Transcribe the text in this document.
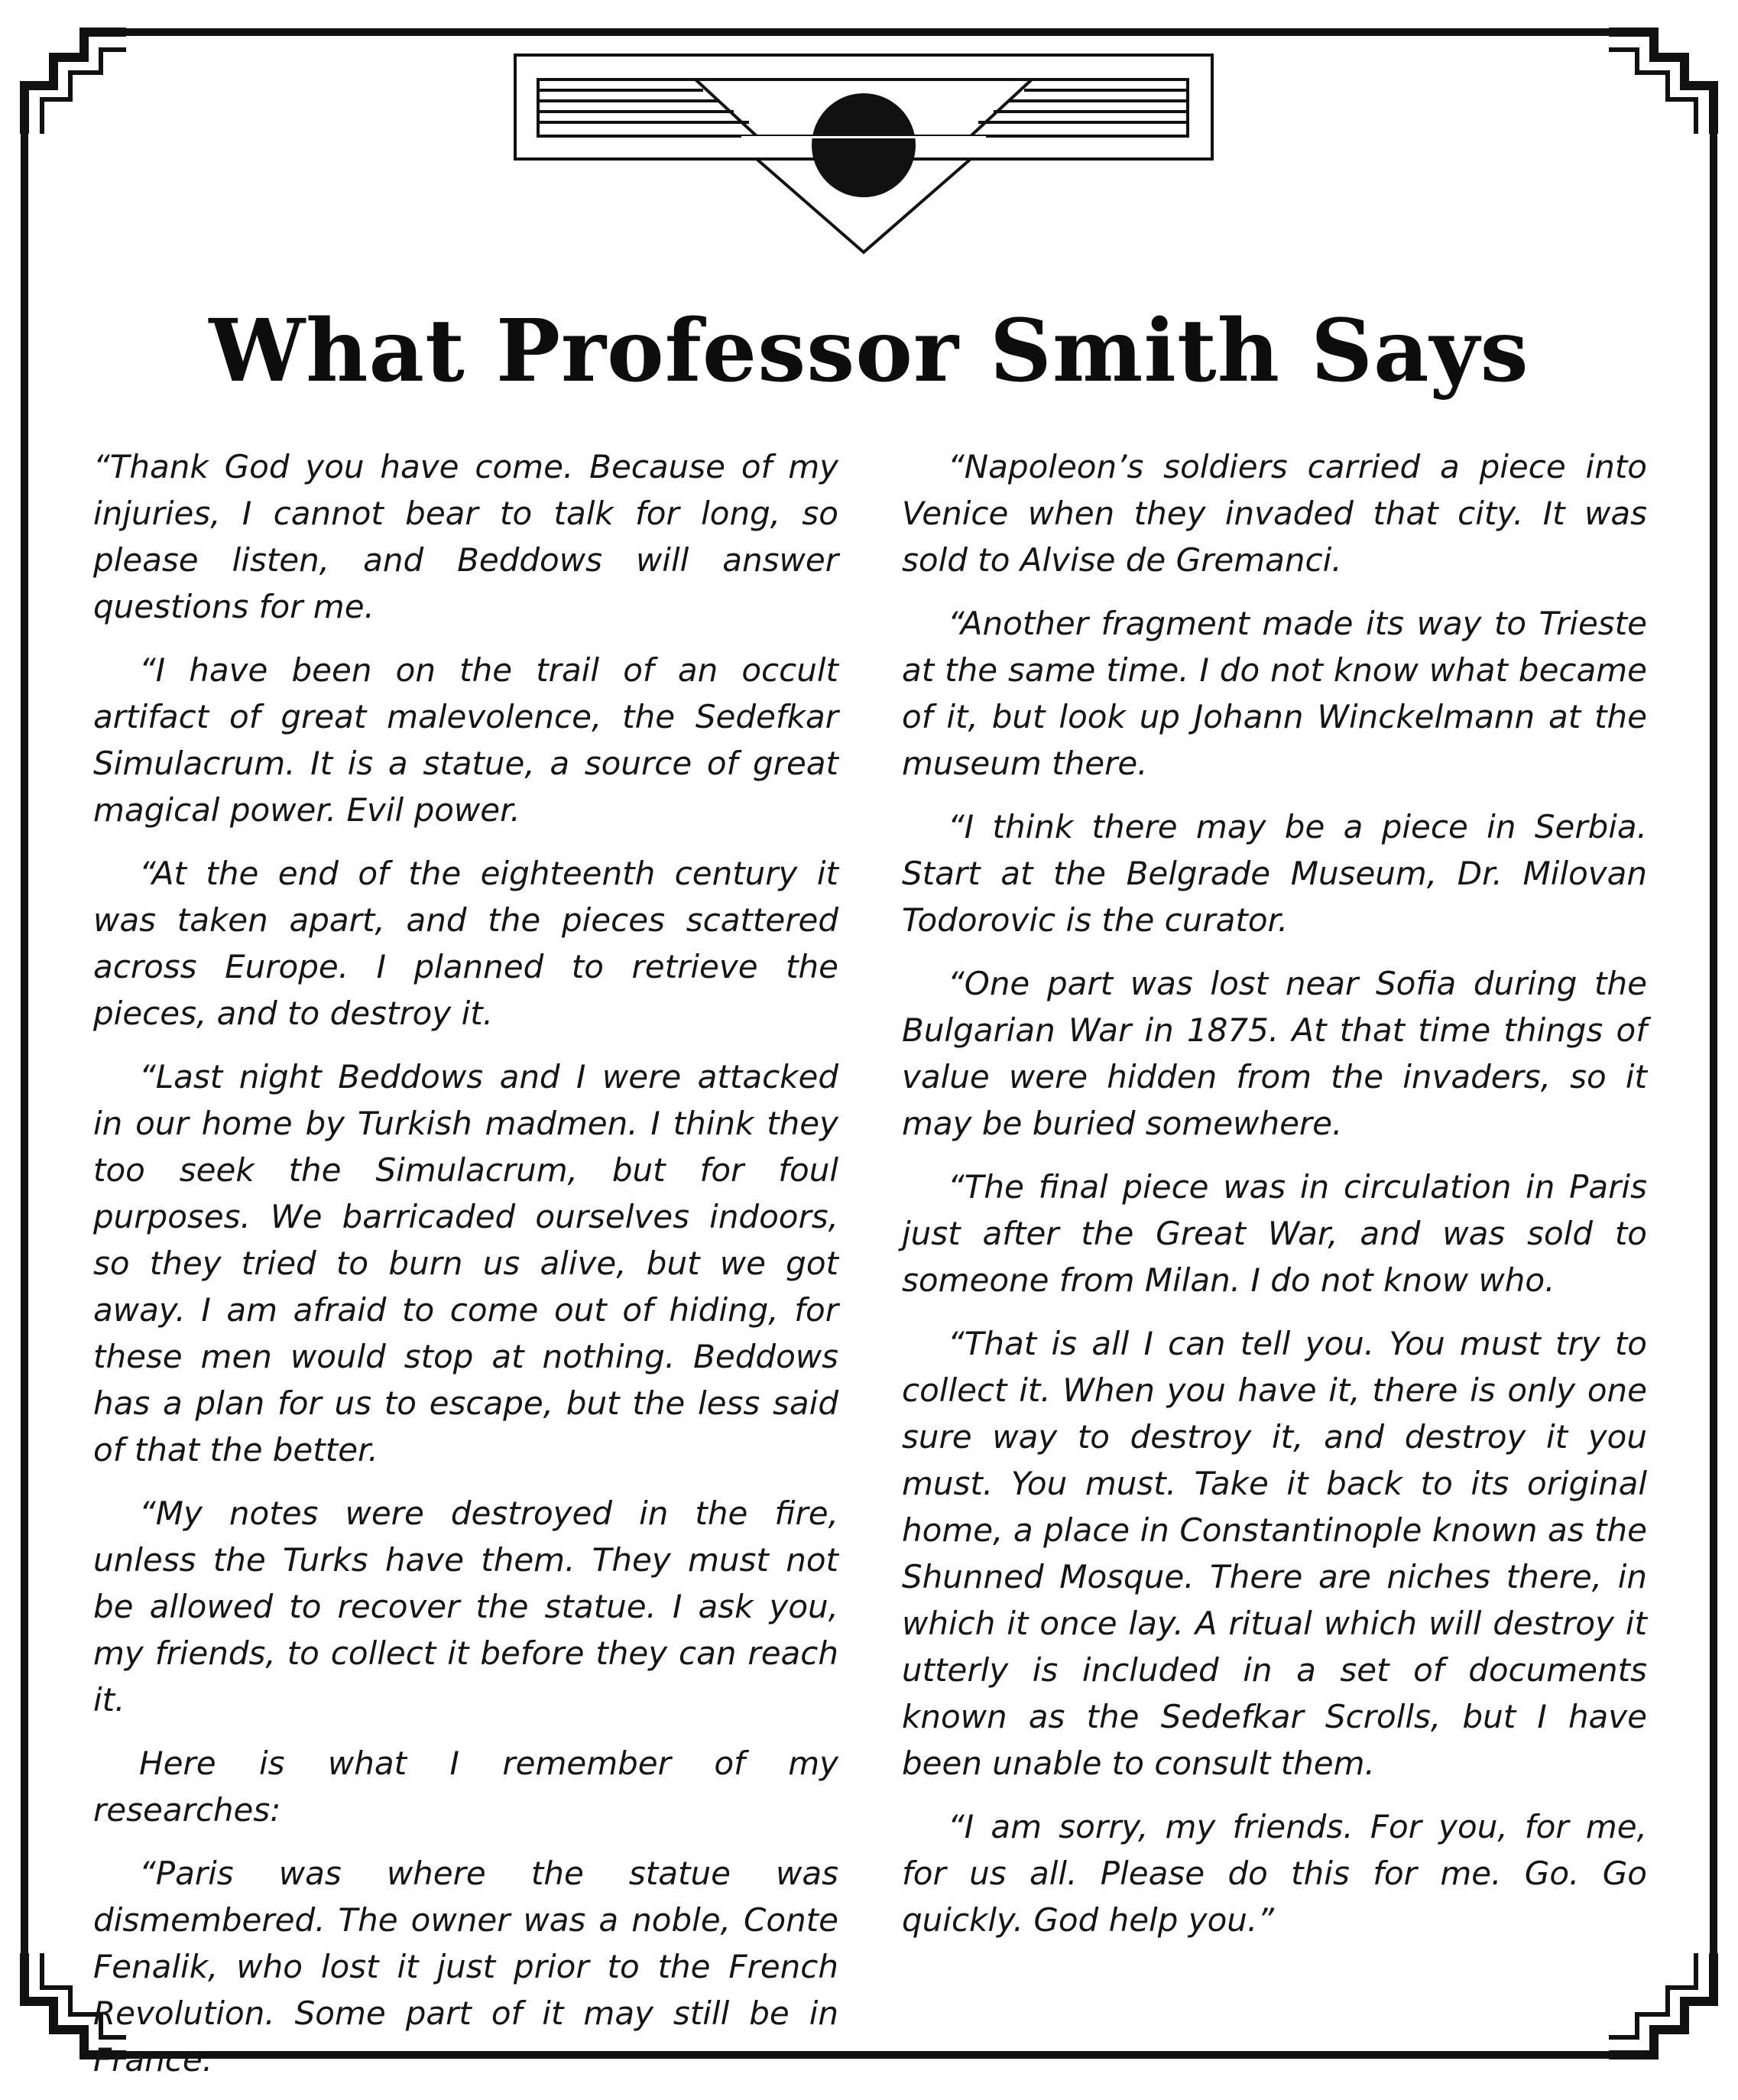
What Professor Smith Says

“Thank God you have come. Because of my injuries, I cannot bear to talk for long, so please listen, and Beddows will answer questions for me.

“I have been on the trail of an occult artifact of great malevolence, the Sedefkar Simulacrum. It is a statue, a source of great magical power. Evil power.

“At the end of the eighteenth century it was taken apart, and the pieces scattered across Europe. I planned to retrieve the pieces, and to destroy it.

“Last night Beddows and I were attacked in our home by Turkish madmen. I think they too seek the Simulacrum, but for foul purposes. We barricaded ourselves indoors, so they tried to burn us alive, but we got away. I am afraid to come out of hiding, for these men would stop at nothing. Beddows has a plan for us to escape, but the less said of that the better.

“My notes were destroyed in the fire, unless the Turks have them. They must not be allowed to recover the statue. I ask you, my friends, to collect it before they can reach it.

Here is what I remember of my researches:

“Paris was where the statue was dismembered. The owner was a noble, Conte Fenalik, who lost it just prior to the French Revolution. Some part of it may still be in France.

“Napoleon’s soldiers carried a piece into Venice when they invaded that city. It was sold to Alvise de Gremanci.

“Another fragment made its way to Trieste at the same time. I do not know what became of it, but look up Johann Winckelmann at the museum there.

“I think there may be a piece in Serbia. Start at the Belgrade Museum, Dr. Milovan Todorovic is the curator.

“One part was lost near Sofia during the Bulgarian War in 1875. At that time things of value were hidden from the invaders, so it may be buried somewhere.

“The final piece was in circulation in Paris just after the Great War, and was sold to someone from Milan. I do not know who.

“That is all I can tell you. You must try to collect it. When you have it, there is only one sure way to destroy it, and destroy it you must. You must. Take it back to its original home, a place in Constantinople known as the Shunned Mosque. There are niches there, in which it once lay. A ritual which will destroy it utterly is included in a set of documents known as the Sedefkar Scrolls, but I have been unable to consult them.

“I am sorry, my friends. For you, for me, for us all. Please do this for me. Go. Go quickly. God help you.”
